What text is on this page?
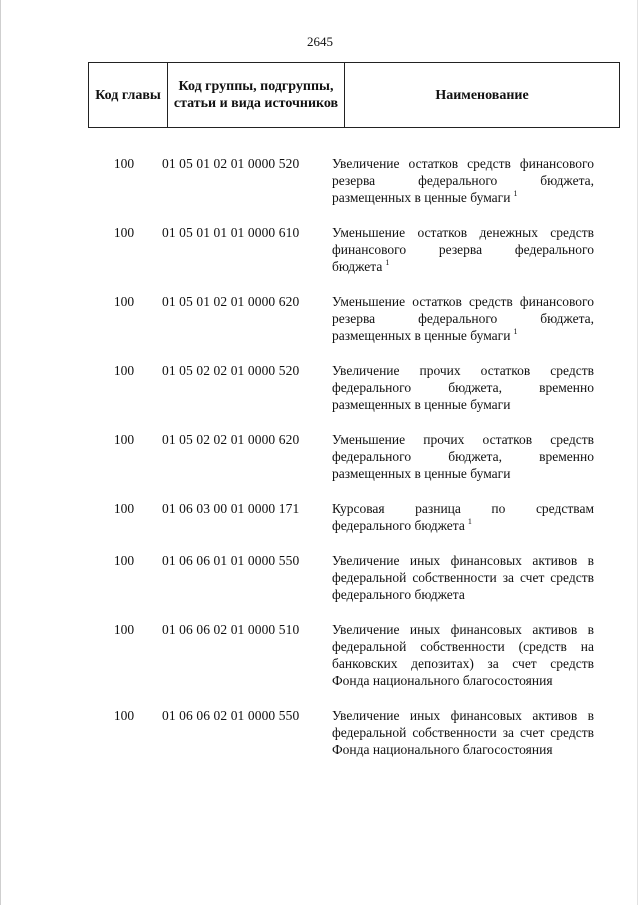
2645
Код главы	Код группы, подгруппы, статьи и вида источников	Наименование
100	01 05 01 02 01 0000 520	Увеличение остатков средств финансового резерва федерального бюджета, размещенных в ценные бумаги $^1$
100	01 05 01 01 01 0000 610	Уменьшение остатков денежных средств финансового резерва федерального бюджета $^1$
100	01 05 01 02 01 0000 620	Уменьшение остатков средств финансового резерва федерального бюджета, размещенных в ценные бумаги $^1$
100	01 05 02 02 01 0000 520	Увеличение прочих остатков средств федерального бюджета, временно размещенных в ценные бумаги
100	01 05 02 02 01 0000 620	Уменьшение прочих остатков средств федерального бюджета, временно размещенных в ценные бумаги
100	01 06 03 00 01 0000 171	Курсовая разница по средствам федерального бюджета $^1$
100	01 06 06 01 01 0000 550	Увеличение иных финансовых активов в федеральной собственности за счет средств федерального бюджета
100	01 06 06 02 01 0000 510	Увеличение иных финансовых активов в федеральной собственности (средств на банковских депозитах) за счет средств Фонда национального благосостояния
100	01 06 06 02 01 0000 550	Увеличение иных финансовых активов в федеральной собственности за счет средств Фонда национального благосостояния
